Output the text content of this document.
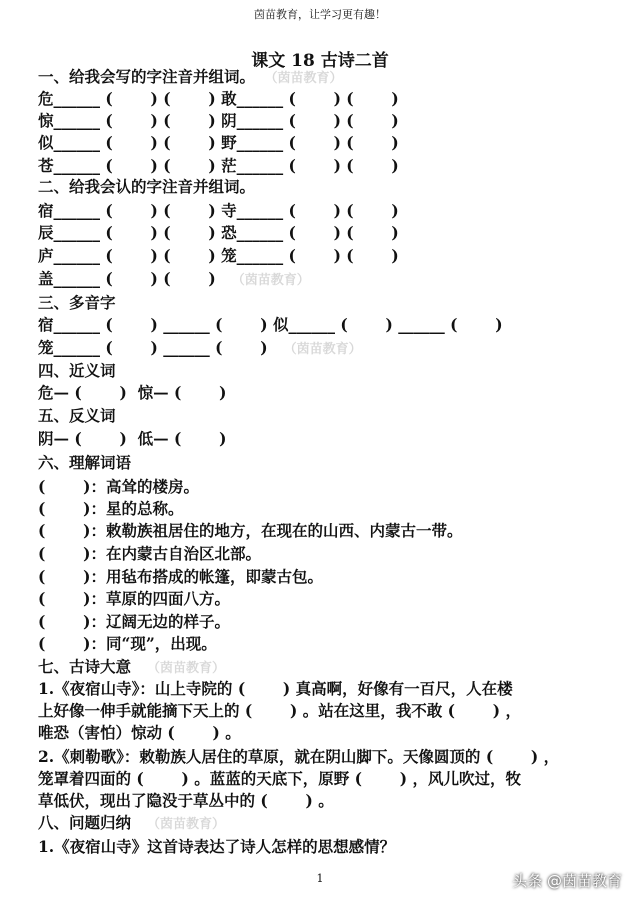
茵苗教育，让学习更有趣！
课文 18 古诗二首
一、给我会写的字注音并组词。 （茵苗教育）
危______ (       ) (       ) 敢______ (       ) (       )
惊______ (       ) (       ) 阴______ (       ) (       )
似______ (       ) (       ) 野______ (       ) (       )
苍______ (       ) (       ) 茫______ (       ) (       )
二、给我会认的字注音并组词。
宿______ (       ) (       ) 寺______ (       ) (       )
辰______ (       ) (       ) 恐______ (       ) (       )
庐______ (       ) (       ) 笼______ (       ) (       )
盖______ (       ) (       ) （茵苗教育）
三、多音字
宿______ (       ) ______ (       ) 似______ (       ) ______ (       )
笼______ (       ) ______ (       ) （茵苗教育）
四、近义词
危— (       )  惊— (       )
五、反义词
阴— (       )  低— (       )
六、理解词语
(       )：高耸的楼房。
(       )：星的总称。
(       )：敕勒族祖居住的地方，在现在的山西、内蒙古一带。
(       )：在内蒙古自治区北部。
(       )：用毡布搭成的帐篷，即蒙古包。
(       )：草原的四面八方。
(       )：辽阔无边的样子。
(       )：同“现”，出现。
七、古诗大意 （茵苗教育）
1.《夜宿山寺》：山上寺院的 (       ) 真高啊，好像有一百尺，人在楼
上好像一伸手就能摘下天上的 (       ) 。站在这里，我不敢 (       ) ，
唯恐（害怕）惊动 (       ) 。
2.《刺勒歌》：敕勒族人居住的草原，就在阴山脚下。天像圆顶的 (       ) ，
笼罩着四面的 (       ) 。蓝蓝的天底下，原野 (       ) ，风儿吹过，牧
草低伏，现出了隐没于草丛中的 (       ) 。
八、问题归纳 （茵苗教育）
1.《夜宿山寺》这首诗表达了诗人怎样的思想感情？
1	头条 @茵苗教育
